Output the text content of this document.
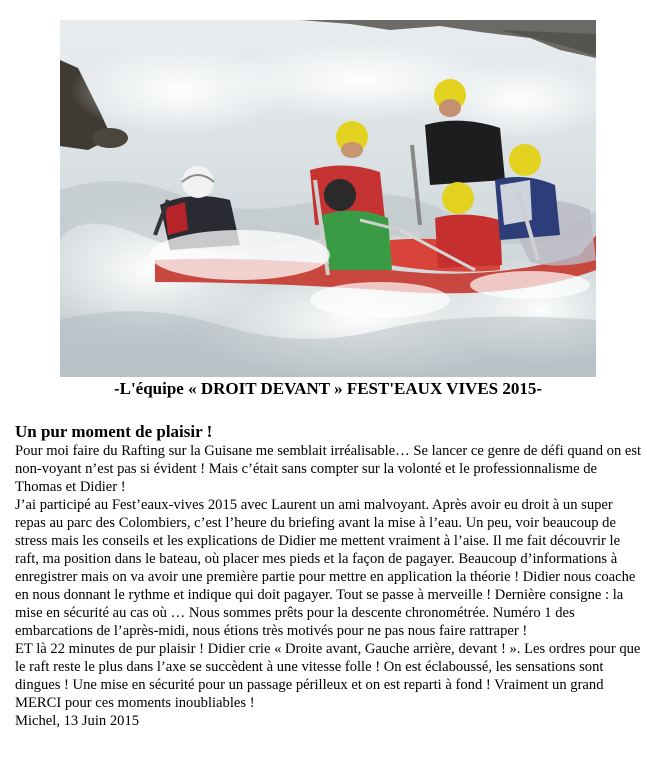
-L'équipe « DROIT DEVANT » FEST'EAUX VIVES 2015-
Un pur moment de plaisir !

Pour moi faire du Rafting sur la Guisane me semblait irréalisable… Se lancer ce genre de défi quand on est non-voyant n’est pas si évident ! Mais c’était sans compter sur la volonté et le professionnalisme de Thomas et Didier !

J’ai participé au Fest’eaux-vives 2015 avec Laurent un ami malvoyant. Après avoir eu droit à un super repas au parc des Colombiers, c’est l’heure du briefing avant la mise à l’eau. Un peu, voir beaucoup de stress mais les conseils et les explications de Didier me mettent vraiment à l’aise. Il me fait découvrir le raft, ma position dans le bateau, où placer mes pieds et la façon de pagayer. Beaucoup d’informations à enregistrer mais on va avoir une première partie pour mettre en application la théorie ! Didier nous coache en nous donnant le rythme et indique qui doit pagayer. Tout se passe à merveille ! Dernière consigne : la mise en sécurité au cas où … Nous sommes prêts pour la descente chronométrée. Numéro 1 des embarcations de l’après-midi, nous étions très motivés pour ne pas nous faire rattraper !

ET là 22 minutes de pur plaisir ! Didier crie « Droite avant, Gauche arrière, devant ! ». Les ordres pour que le raft reste le plus dans l’axe se succèdent à une vitesse folle ! On est éclaboussé, les sensations sont dingues ! Une mise en sécurité pour un passage périlleux et on est reparti à fond ! Vraiment un grand MERCI pour ces moments inoubliables !

Michel, 13 Juin 2015
